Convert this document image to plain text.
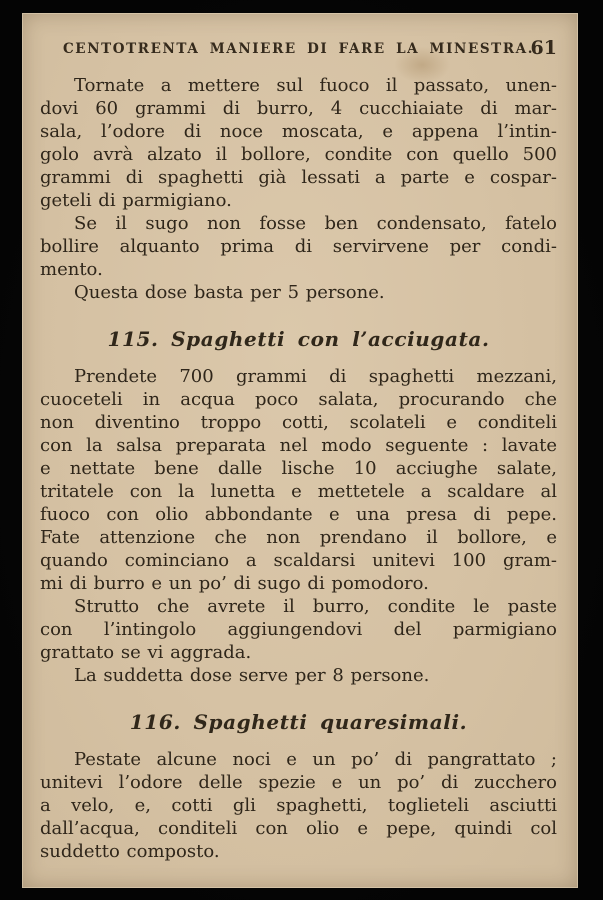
CENTOTRENTA MANIERE DI FARE LA MINESTRA.
61

Tornate a mettere sul fuoco il passato, unen-
dovi 60 grammi di burro, 4 cucchiaiate di mar-
sala, l’odore di noce moscata, e appena l’intin-
golo avrà alzato il bollore, condite con quello 500
grammi di spaghetti già lessati a parte e cospar-
geteli di parmigiano.

Se il sugo non fosse ben condensato, fatelo
bollire alquanto prima di servirvene per condi-
mento.

Questa dose basta per 5 persone.

115. Spaghetti con l’acciugata.

Prendete 700 grammi di spaghetti mezzani,
cuoceteli in acqua poco salata, procurando che
non diventino troppo cotti, scolateli e conditeli
con la salsa preparata nel modo seguente : lavate
e nettate bene dalle lische 10 acciughe salate,
tritatele con la lunetta e mettetele a scaldare al
fuoco con olio abbondante e una presa di pepe.
Fate attenzione che non prendano il bollore, e
quando cominciano a scaldarsi unitevi 100 gram-
mi di burro e un po’ di sugo di pomodoro.

Strutto che avrete il burro, condite le paste
con l’intingolo aggiungendovi del parmigiano
grattato se vi aggrada.

La suddetta dose serve per 8 persone.

116. Spaghetti quaresimali.

Pestate alcune noci e un po’ di pangrattato ;
unitevi l’odore delle spezie e un po’ di zucchero
a velo, e, cotti gli spaghetti, toglieteli asciutti
dall’acqua, conditeli con olio e pepe, quindi col
suddetto composto.
